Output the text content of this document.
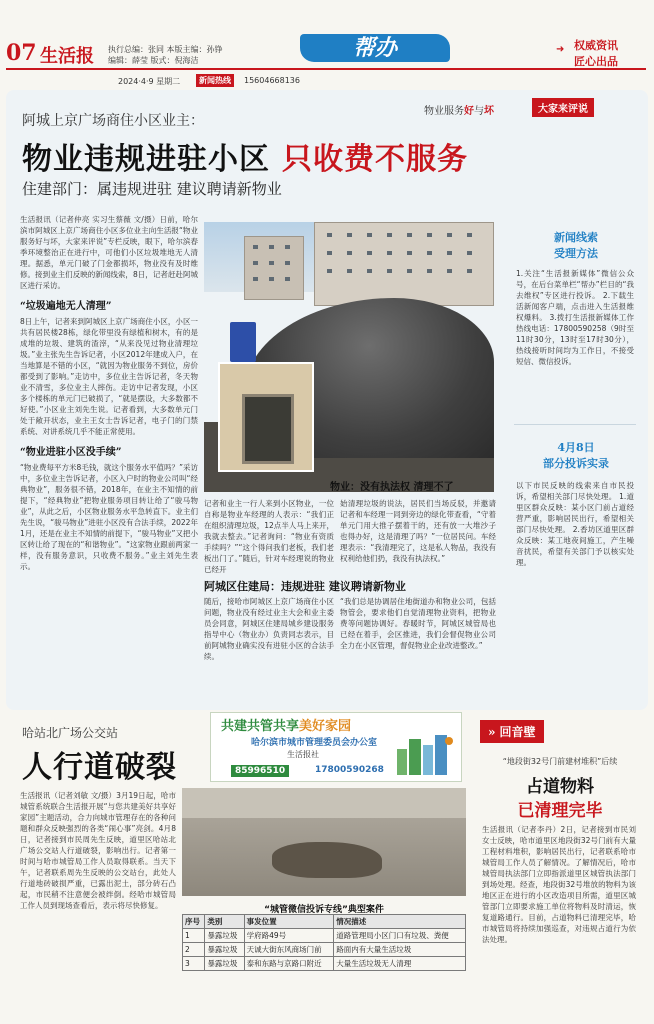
07 生活报 执行总编：张同 本版主编：孙铮
编辑：薛莹 版式：倪海洁	帮办	➜ 权威资讯
匠心出品
2024·4·9 星期二	新闻热线	15604668136
物业服务好与坏	大家来评说
阿城上京广场商住小区业主：
物业违规进驻小区 只收费不服务
住建部门：属违规进驻 建议聘请新物业
生活报讯（记者仲亮 实习生蔡薇 文/摄）日前，哈尔滨市阿城区上京广场商住小区多位业主向生活报“物业服务好与坏，大家来评说”专栏反映，眼下，哈尔滨春季环境整治正在进行中，可他们小区垃圾堆地无人清理。据悉，单元门破了门金都损坏，物业没有及时维修。接到业主们反映的新闻线索，8日，记者赶赴阿城区进行采访。
“垃圾遍地无人清理”
8日上午，记者来到阿城区上京广场商住小区，小区一共有居民楼28栋，绿化带里没有绿植和树木，有的是成堆的垃圾、建筑的渣滓，“从来没见过物业清理垃圾。”业主张先生告诉记者，小区2012年建成入户，在当地算是不错的小区，“就因为物业服务不到位，房价都受到了影响。”走访中，多位业主告诉记者，冬天物业不清雪，多位业主人摔伤。走访中记者发现，小区多个楼栋的单元门已破损了，“就是摆设，大多数都不好使。”小区业主刘先生说。记者看到，大多数单元门处于敞开状态，业主王女士告诉记者，电子门的门禁系统、对讲系统几乎不能正常使用。
“物业进驻小区没手续”
“物业费每平方米8毛钱，就这个服务水平值吗？”采访中，多位业主告诉记者，小区入户时的物业公司叫“经典物业”，服务很不错，2018年，在业主不知情的前提下，“经典物业”把物业服务项目转让给了“骏马物业”，从此之后，小区物业服务水平急转直下。业主们先生说，“骏马物业”进驻小区没有合法手续，2022年1月，还是在业主不知情的前提下，“骏马物业”又把小区转让给了现在的“和谐物业”。“这家物业跟前两家一样，没有服务意识，只收费不服务。”业主刘先生表示。
物业：没有执法权 清理不了
记者和业主一行人来到小区物业，一位自称是物业车经理的人表示：“我们正在组织清理垃圾，12点半人马上来开，我就去整去。”记者询问：“物业有资质手续吗？”“这个得问我们老板，我们老板出门了。”随后，针对车经理说的物业已经开
始清理垃圾的说法，居民们当场反驳，并邀请记者和车经理一同到旁边的绿化带查看，“守着单元门用大推子摆着干的，还有放一大堆沙子也得办好，这是清理了吗？”一位居民问。车经理表示：“我清理完了，这是私人物品，我没有权利给他们扔，我没有执法权。”
阿城区住建局：违规进驻 建议聘请新物业
随后，接哈市阿城区上京广场商住小区问题，物业没有经过业主大会和业主委员会同意，阿城区住建局城乡建设服务指导中心（物业办）负责同志表示，目前阿城物业确实没有进驻小区的合法手续。
“我们总是协调居住地街道办和物业公司，包括物管会，要求他们自觉清理物业资料，把物业费等问题协调好。春暖时节，阿城区城管局也已经在着手，会区推进，我们会督促物业公司全力在小区管理，督促物业企业改进整改。”
新闻线索
受理方法
1.关注“生活报新媒体”微信公众号，在后台菜单栏“帮办”栏目的“我去维权”专区进行投诉。 2.下载生活新闻客户端，点击进入生活报维权爆料。 3.拨打生活报新媒体工作热线电话：17800590258（9时至11时30分，13时至17时30分），热线接听时间均为工作日，不接受短信、微信投诉。
4月8日
部分投诉实录
以下市民反映的线索来自市民投诉，希望相关部门尽快处理。 1.道里区群众反映：某小区门前占道经营严重，影响居民出行，希望相关部门尽快处理。 2.香坊区道里区群众反映：某工地夜间施工，产生噪音扰民，希望有关部门予以核实处理。
哈站北广场公交站
人行道破裂
共建共管共享美好家园
哈尔滨市城市管理委员会办公室
生活报社
85996510	17800590268
生活报讯（记者刘敏 文/摄）3月19日起，哈市城管系统联合生活报开展“与您共建美好共享好家园”主题活动，合力向城市管理存在的各种问题和群众反映强烈的各类“闹心事”亮剑。4月8日，记者接到市民周先生反映，道里区哈站北广场公交站人行道破裂，影响出行。记者第一时间与哈市城管局工作人员取得联系。当天下午，记者联系周先生反映的公交站台，此处人行道地砖破损严重，已露出泥土，部分砖石凸起，市民稍不注意便会被绊倒。经哈市城管局工作人员到现场查看后，表示将尽快修复。	“城管微信投诉专线”典型案件
序号	类别	事发位置	情况描述
1	暴露垃圾	学府路49号	道路管理局小区门口有垃圾、粪便
2	暴露垃圾	天诚大街东风商场门前	路面内有大量生活垃圾
3	暴露垃圾	泰和东路与京路口附近	大量生活垃圾无人清理
» 回音壁
“地段街32号门前建材堆积”后续
占道物料
已清理完毕
生活报讯（记者李丹）2日，记者接到市民刘女士反映，哈市道里区地段街32号门前有大量工程材料堆积，影响居民出行，记者联系哈市城管局工作人员了解情况。了解情况后，哈市城管局执法部门立即指派道里区城管执法部门到场处理。经查，地段街32号堆放的物料为该地区正在进行的小区改造项目所需，道里区城管部门立即要求施工单位将物料及时清运，恢复道路通行。目前，占道物料已清理完毕，哈市城管局将持续加强巡查，对违规占道行为依法处理。
